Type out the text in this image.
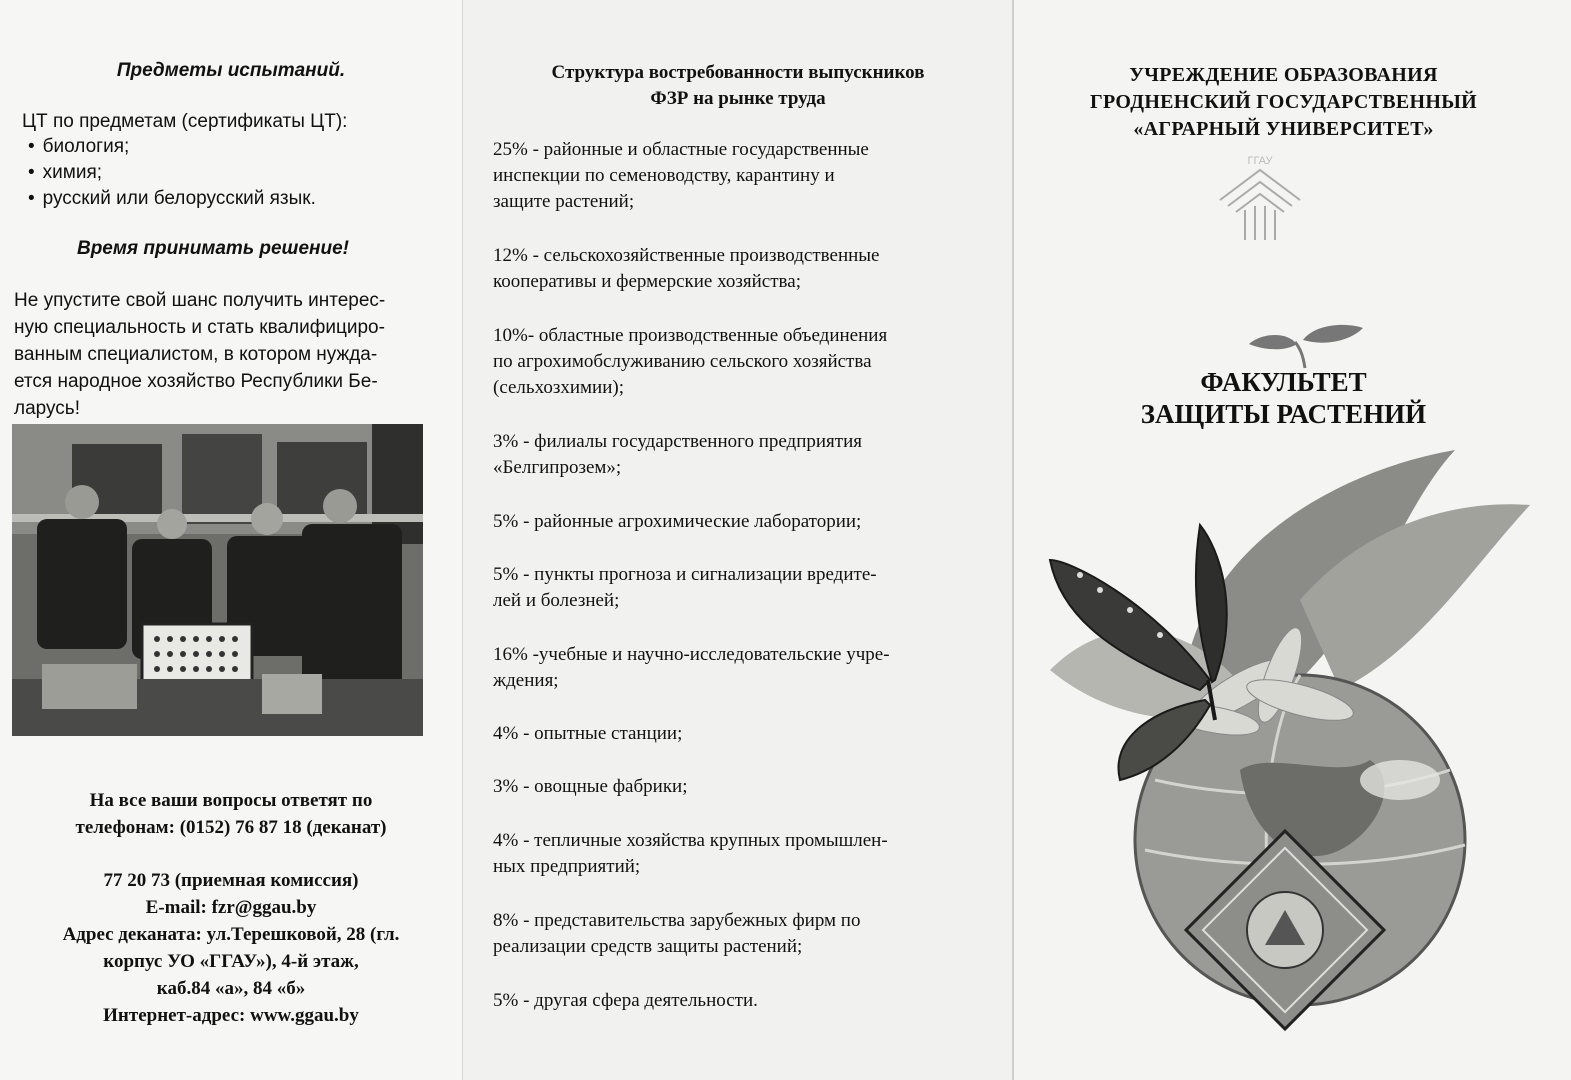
Предметы испытаний.
ЦТ по предметам (сертификаты ЦТ):
• биология;
• химия;
• русский или белорусский язык.
Время принимать решение!
Не упустите свой шанс получить интерес-
ную специальность и стать квалифициро-
ванным специалистом, в котором нужда-
ется народное хозяйство Республики Бе-
ларусь!
На все ваши вопросы ответят по
телефонам: (0152) 76 87 18 (деканат)
77 20 73 (приемная комиссия)
E-mail: fzr@ggau.by
Адрес деканата: ул.Терешковой, 28 (гл.
корпус УО «ГГАУ»), 4-й этаж,
каб.84 «а», 84 «б»
Интернет-адрес: www.ggau.by
Структура востребованности выпускников
ФЗР на рынке труда
25% - районные и областные государственные
инспекции по семеноводству, карантину и
защите растений;
12% - сельскохозяйственные производственные
кооперативы и фермерские хозяйства;
10%- областные производственные объединения
по агрохимобслуживанию сельского хозяйства
(сельхозхимии);
3% - филиалы государственного предприятия
«Белгипрозем»;
5% - районные агрохимические лаборатории;
5% - пункты прогноза и сигнализации вредите-
лей и болезней;
16% -учебные и научно-исследовательские учре-
ждения;
4% - опытные станции;
3% - овощные фабрики;
4% - тепличные хозяйства крупных промышлен-
ных предприятий;
8% - представительства зарубежных фирм по
реализации средств защиты растений;
5% - другая сфера деятельности.
УЧРЕЖДЕНИЕ ОБРАЗОВАНИЯ
ГРОДНЕНСКИЙ ГОСУДАРСТВЕННЫЙ
«АГРАРНЫЙ УНИВЕРСИТЕТ»
ФАКУЛЬТЕТ
ЗАЩИТЫ РАСТЕНИЙ
ГГАУ
